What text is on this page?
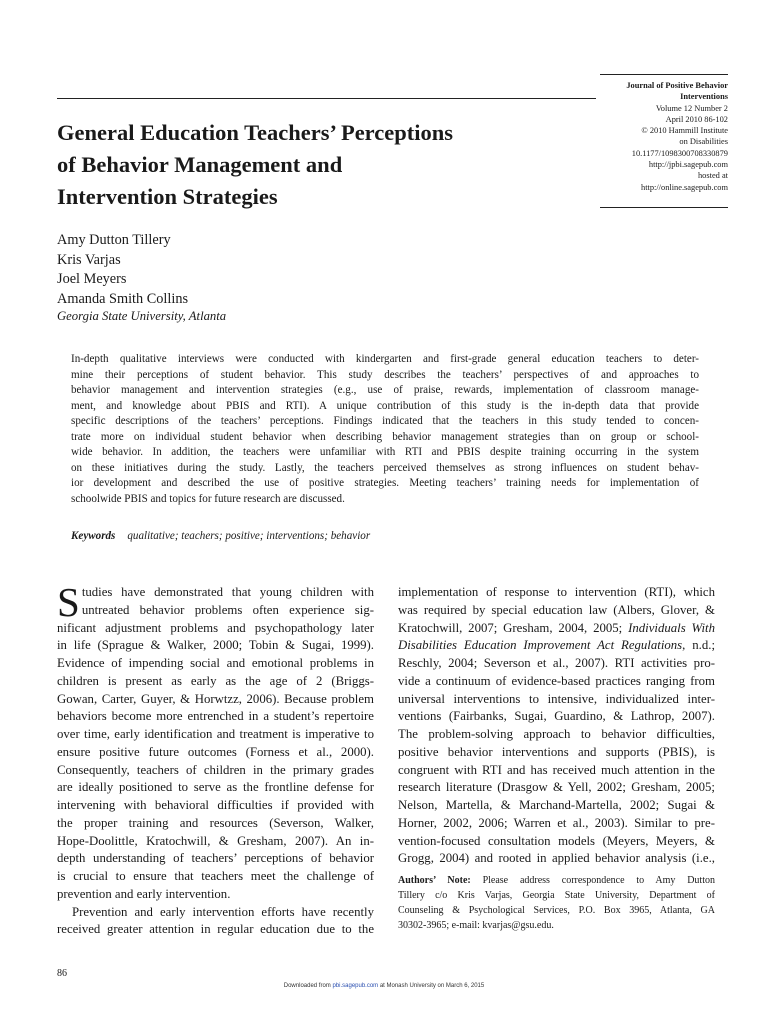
Journal of Positive Behavior
Interventions
Volume 12 Number 2
April 2010 86-102
© 2010 Hammill Institute
on Disabilities
10.1177/1098300708330879
http://jpbi.sagepub.com
hosted at
http://online.sagepub.com
General Education Teachers’ Perceptions
of Behavior Management and
Intervention Strategies
Amy Dutton Tillery
Kris Varjas
Joel Meyers
Amanda Smith Collins
Georgia State University, Atlanta
In-depth qualitative interviews were conducted with kindergarten and first-grade general education teachers to deter-
mine their perceptions of student behavior. This study describes the teachers’ perspectives of and approaches to
behavior management and intervention strategies (e.g., use of praise, rewards, implementation of classroom manage-
ment, and knowledge about PBIS and RTI). A unique contribution of this study is the in-depth data that provide
specific descriptions of the teachers’ perceptions. Findings indicated that the teachers in this study tended to concen-
trate more on individual student behavior when describing behavior management strategies than on group or school-
wide behavior. In addition, the teachers were unfamiliar with RTI and PBIS despite training occurring in the system
on these initiatives during the study. Lastly, the teachers perceived themselves as strong influences on student behav-
ior development and described the use of positive strategies. Meeting teachers’ training needs for implementation of
schoolwide PBIS and topics for future research are discussed.
Keywords qualitative; teachers; positive; interventions; behavior
S tudies have demonstrated that young children with
untreated behavior problems often experience sig-
nificant adjustment problems and psychopathology later
in life (Sprague & Walker, 2000; Tobin & Sugai, 1999).
Evidence of impending social and emotional problems in
children is present as early as the age of 2 (Briggs-
Gowan, Carter, Guyer, & Horwtzz, 2006). Because problem
behaviors become more entrenched in a student’s repertoire
over time, early identification and treatment is imperative to
ensure positive future outcomes (Forness et al., 2000).
Consequently, teachers of children in the primary grades
are ideally positioned to serve as the frontline defense for
intervening with behavioral difficulties if provided with
the proper training and resources (Severson, Walker,
Hope-Doolittle, Kratochwill, & Gresham, 2007). An in-
depth understanding of teachers’ perceptions of behavior
is crucial to ensure that teachers meet the challenge of
prevention and early intervention.
Prevention and early intervention efforts have recently
received greater attention in regular education due to the
implementation of response to intervention (RTI), which
was required by special education law (Albers, Glover, &
Kratochwill, 2007; Gresham, 2004, 2005; Individuals With
Disabilities Education Improvement Act Regulations, n.d.;
Reschly, 2004; Severson et al., 2007). RTI activities pro-
vide a continuum of evidence-based practices ranging from
universal interventions to intensive, individualized inter-
ventions (Fairbanks, Sugai, Guardino, & Lathrop, 2007).
The problem-solving approach to behavior difficulties,
positive behavior interventions and supports (PBIS), is
congruent with RTI and has received much attention in the
research literature (Drasgow & Yell, 2002; Gresham, 2005;
Nelson, Martella, & Marchand-Martella, 2002; Sugai &
Horner, 2002, 2006; Warren et al., 2003). Similar to pre-
vention-focused consultation models (Meyers, Meyers, &
Grogg, 2004) and rooted in applied behavior analysis (i.e.,
Authors’ Note: Please address correspondence to Amy Dutton
Tillery c/o Kris Varjas, Georgia State University, Department of
Counseling & Psychological Services, P.O. Box 3965, Atlanta, GA
30302-3965; e-mail: kvarjas@gsu.edu.
86
Downloaded from pbi.sagepub.com at Monash University on March 6, 2015
